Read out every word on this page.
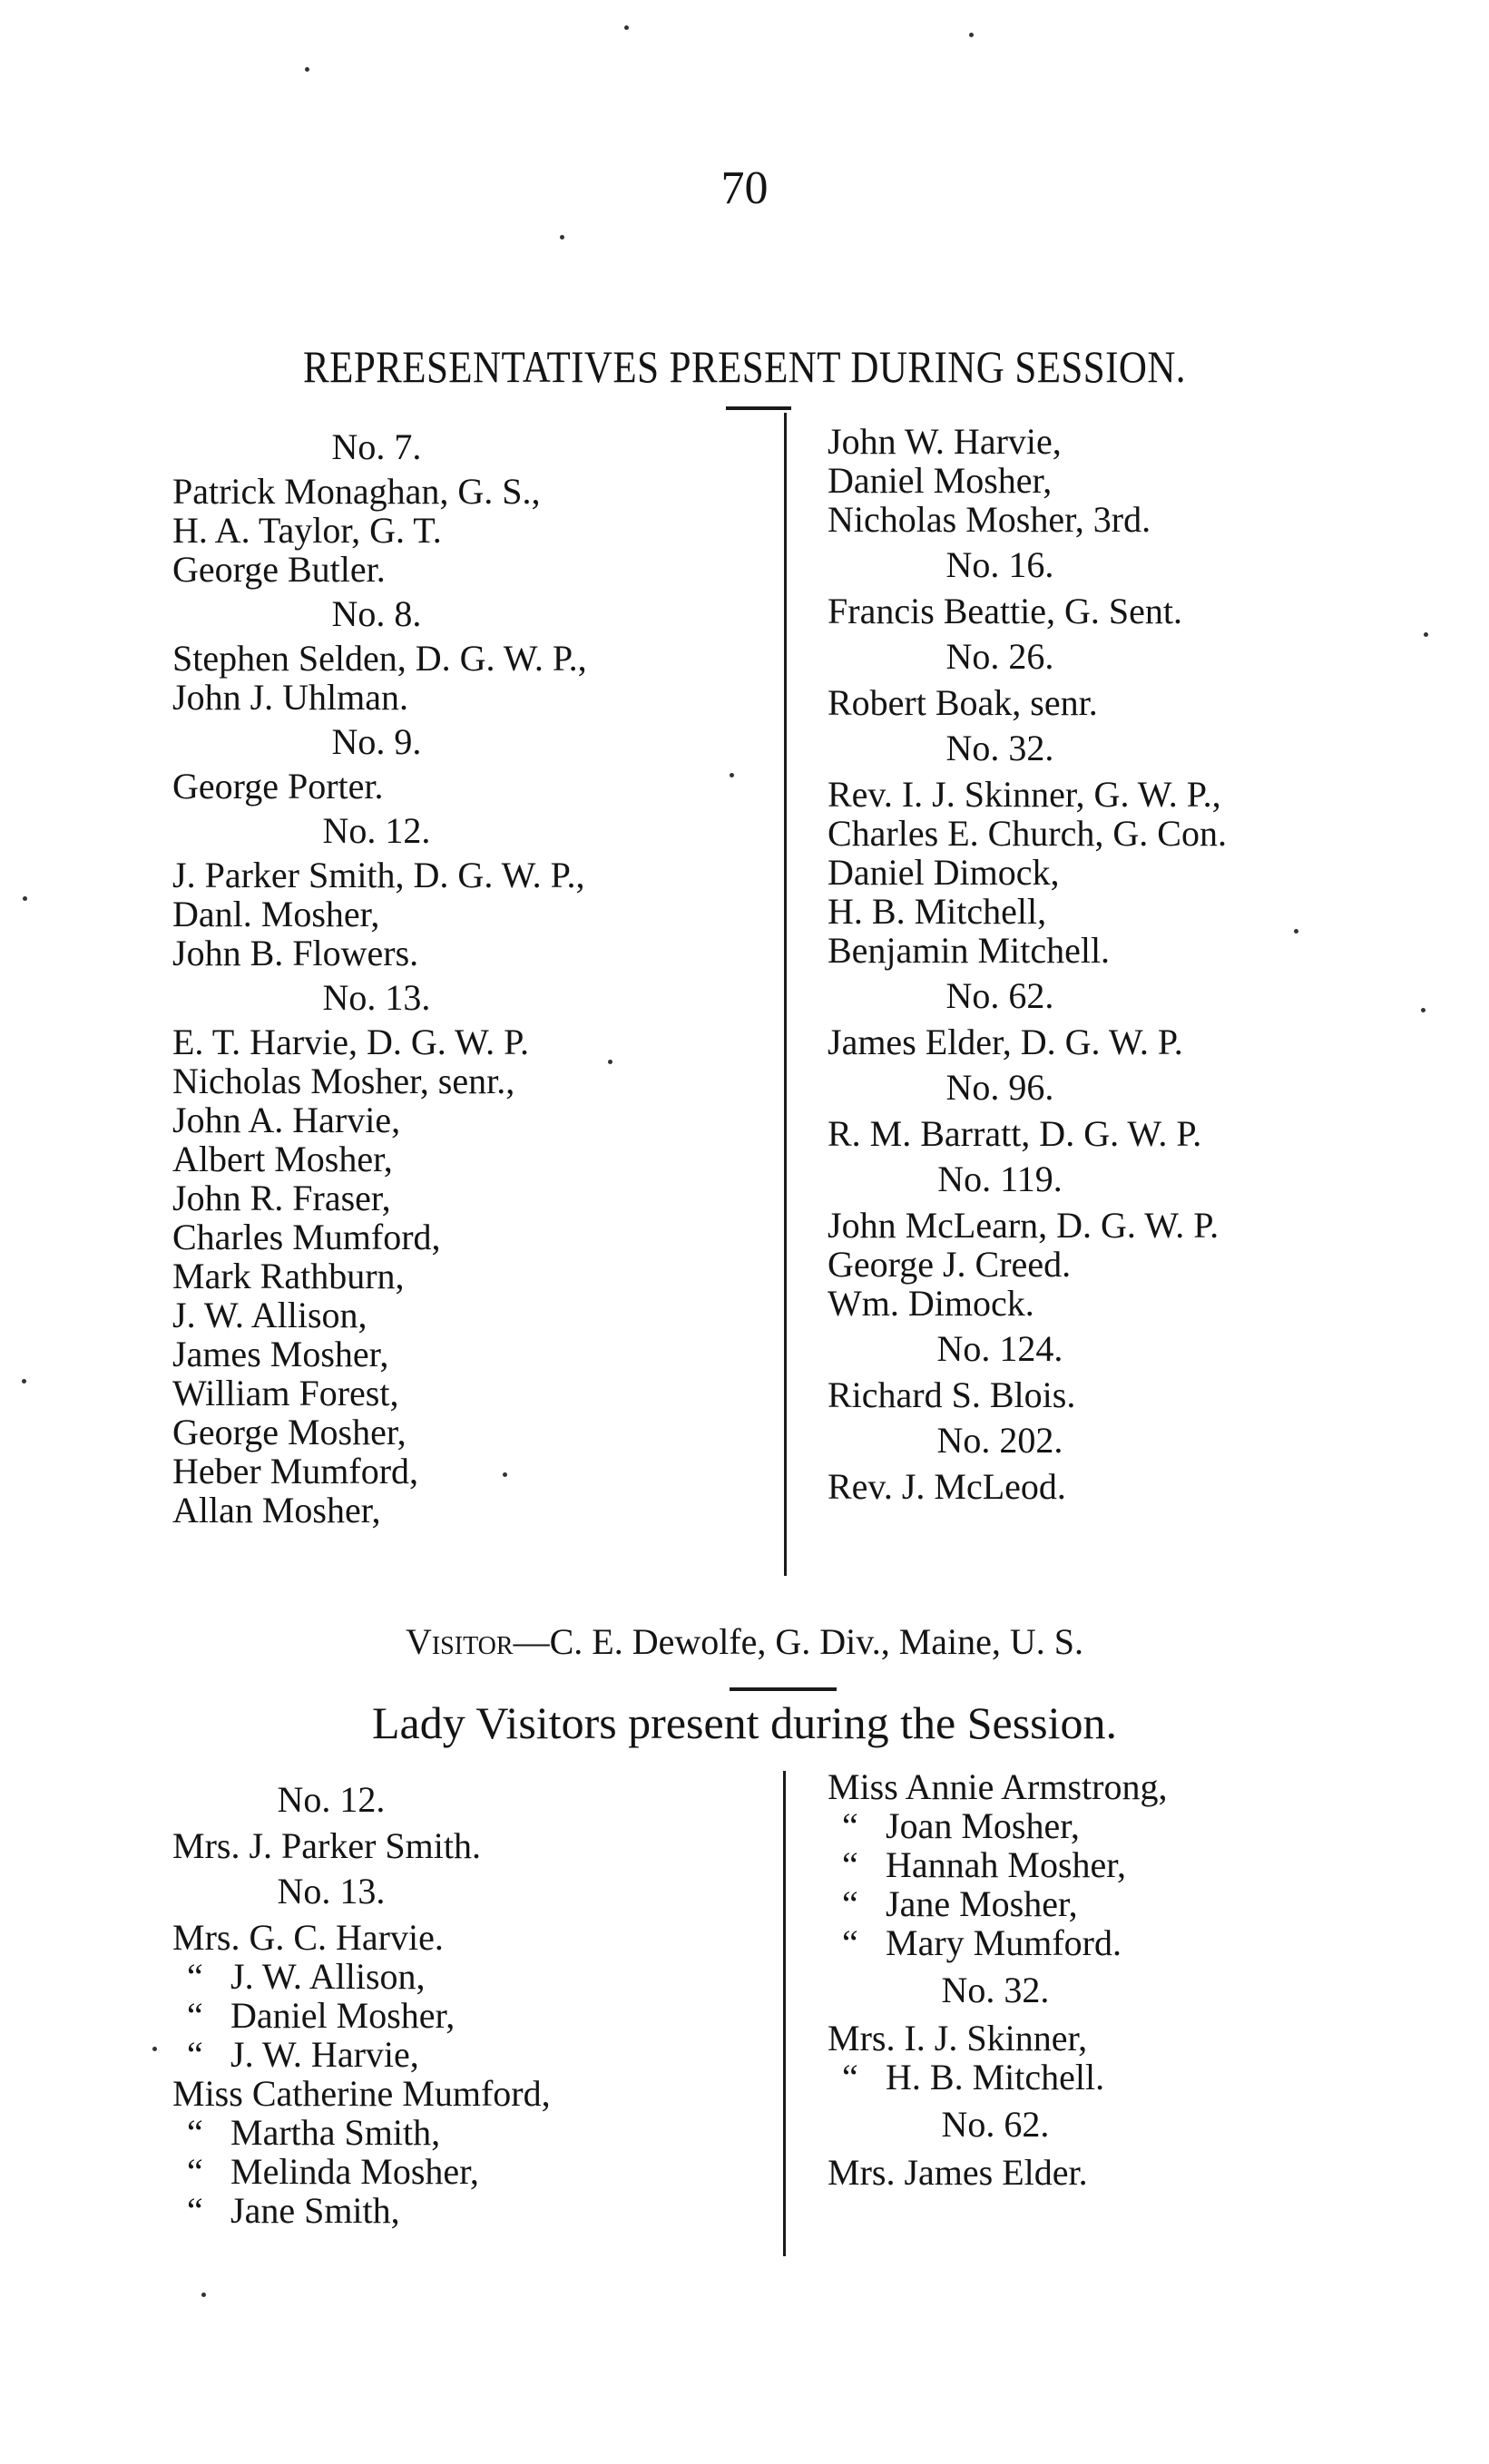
70
REPRESENTATIVES PRESENT DURING SESSION.
No. 7.
Patrick Monaghan, G. S.,
H. A. Taylor, G. T.
George Butler.
No. 8.
Stephen Selden, D. G. W. P.,
John J. Uhlman.
No. 9.
George Porter.
No. 12.
J. Parker Smith, D. G. W. P.,
Danl. Mosher,
John B. Flowers.
No. 13.
E. T. Harvie, D. G. W. P.
Nicholas Mosher, senr.,
John A. Harvie,
Albert Mosher,
John R. Fraser,
Charles Mumford,
Mark Rathburn,
J. W. Allison,
James Mosher,
William Forest,
George Mosher,
Heber Mumford,
Allan Mosher,
John W. Harvie,
Daniel Mosher,
Nicholas Mosher, 3rd.
No. 16.
Francis Beattie, G. Sent.
No. 26.
Robert Boak, senr.
No. 32.
Rev. I. J. Skinner, G. W. P.,
Charles E. Church, G. Con.
Daniel Dimock,
H. B. Mitchell,
Benjamin Mitchell.
No. 62.
James Elder, D. G. W. P.
No. 96.
R. M. Barratt, D. G. W. P.
No. 119.
John McLearn, D. G. W. P.
George J. Creed.
Wm. Dimock.
No. 124.
Richard S. Blois.
No. 202.
Rev. J. McLeod.
Visitor—C. E. Dewolfe, G. Div., Maine, U. S.
Lady Visitors present during the Session.
No. 12.
Mrs. J. Parker Smith.
No. 13.
Mrs. G. C. Harvie.
“ J. W. Allison,
“ Daniel Mosher,
“ J. W. Harvie,
Miss Catherine Mumford,
“ Martha Smith,
“ Melinda Mosher,
“ Jane Smith,
Miss Annie Armstrong,
“ Joan Mosher,
“ Hannah Mosher,
“ Jane Mosher,
“ Mary Mumford.
No. 32.
Mrs. I. J. Skinner,
“ H. B. Mitchell.
No. 62.
Mrs. James Elder.
